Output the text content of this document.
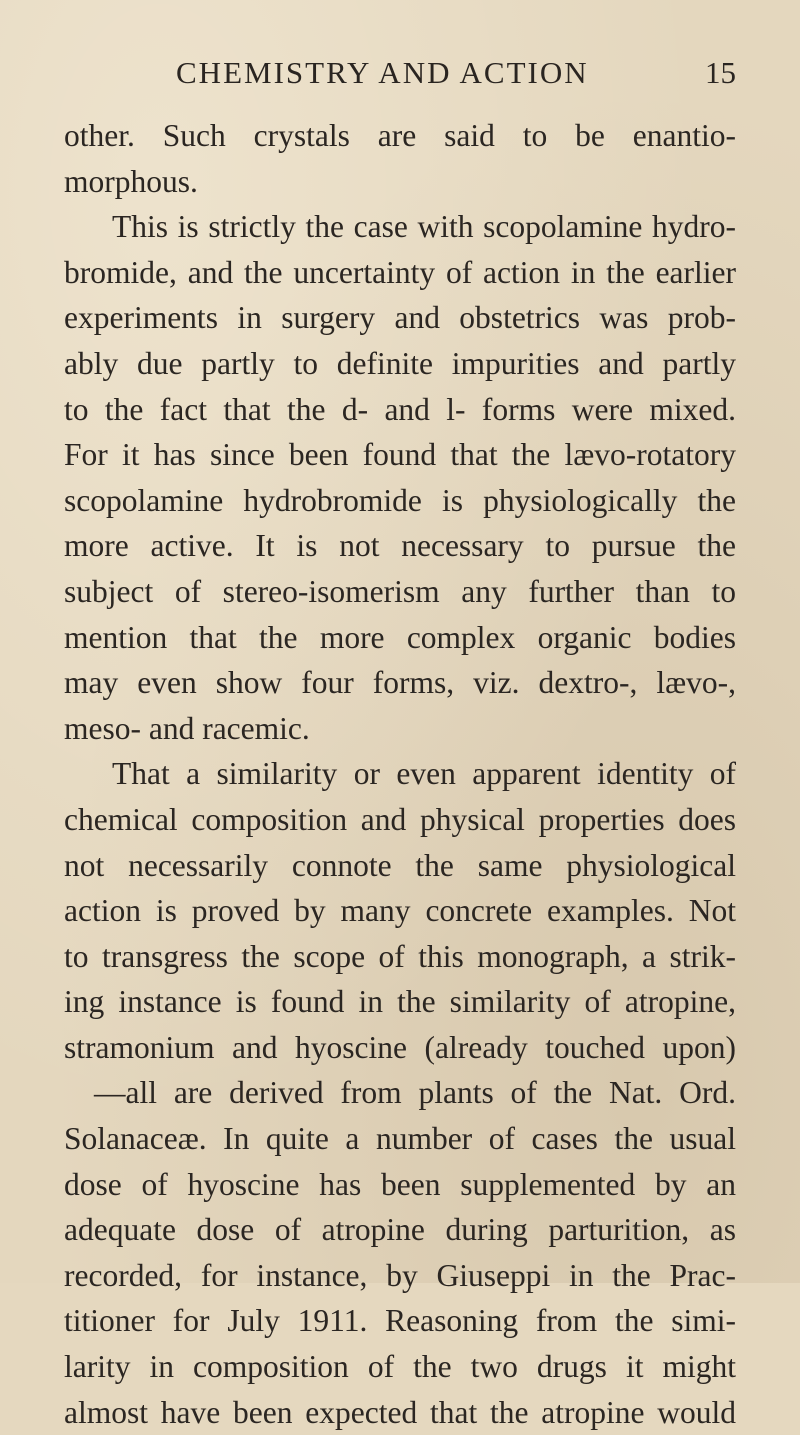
CHEMISTRY AND ACTION	15
other. Such crystals are said to be enantio-
morphous.
This is strictly the case with scopolamine hydro-
bromide, and the uncertainty of action in the earlier
experiments in surgery and obstetrics was prob-
ably due partly to definite impurities and partly
to the fact that the d- and l- forms were mixed.
For it has since been found that the lævo-rotatory
scopolamine hydrobromide is physiologically the
more active. It is not necessary to pursue the
subject of stereo-isomerism any further than to
mention that the more complex organic bodies
may even show four forms, viz. dextro-, lævo-,
meso- and racemic.
That a similarity or even apparent identity of
chemical composition and physical properties does
not necessarily connote the same physiological
action is proved by many concrete examples. Not
to transgress the scope of this monograph, a strik-
ing instance is found in the similarity of atropine,
stramonium and hyoscine (already touched upon)
—all are derived from plants of the Nat. Ord.
Solanaceæ. In quite a number of cases the usual
dose of hyoscine has been supplemented by an
adequate dose of atropine during parturition, as
recorded, for instance, by Giuseppi in the Prac-
titioner for July 1911. Reasoning from the simi-
larity in composition of the two drugs it might
almost have been expected that the atropine would
